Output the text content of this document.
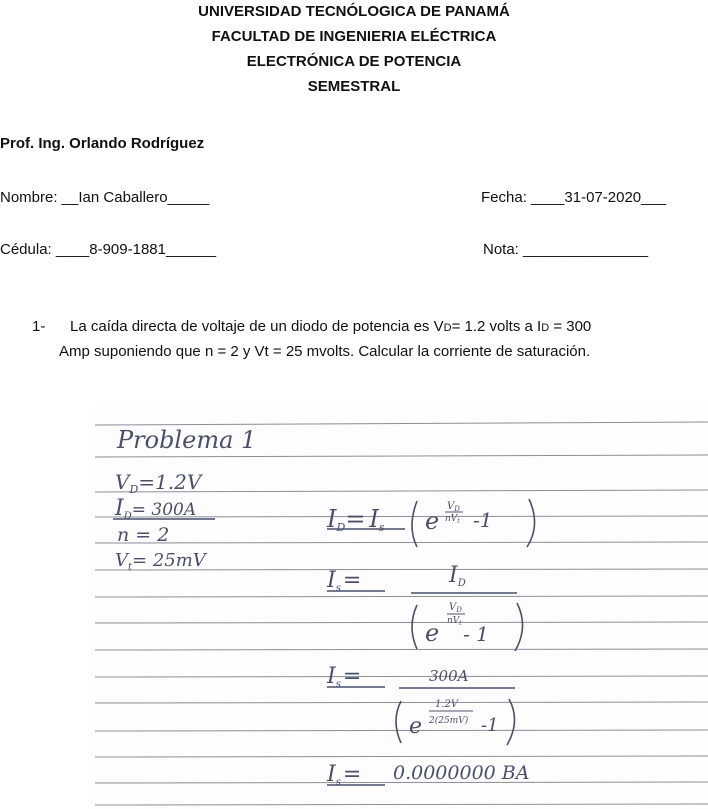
UNIVERSIDAD TECNÓLOGICA DE PANAMÁ
FACULTAD DE INGENIERIA ELÉCTRICA
ELECTRÓNICA DE POTENCIA
SEMESTRAL
Prof. Ing. Orlando Rodríguez
Nombre: __Ian Caballero_____	Fecha: ____31-07-2020___
Cédula: ____8-909-1881______	Nota: _______________
1- La caída directa de voltaje de un diodo de potencia es VD= 1.2 volts a ID = 300
Amp suponiendo que n = 2 y Vt = 25 mvolts. Calcular la corriente de saturación.
Problema 1
$V_D=1.2V$
$I_D= 300A$
n = 2
$V_t= 25mV$
ID= Is e
$V_D$
$nV_t$ -1
Is=	ID
e
$V_D$
$nV_t - 1$
Is=	300A
e
1.2V
2(25mV) -1
Is= 0.0000000 BA
